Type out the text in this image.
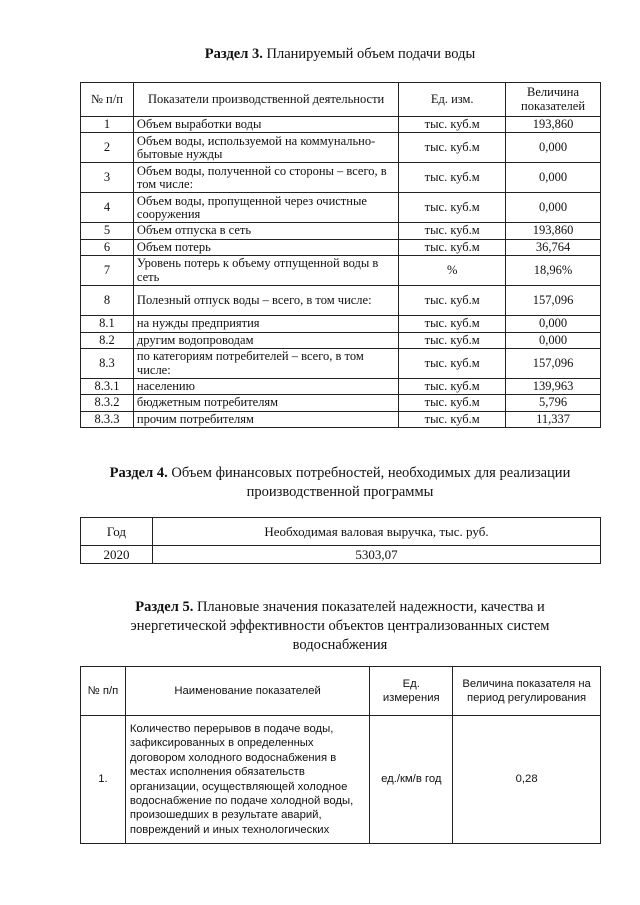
Раздел 3. Планируемый объем подачи воды
№ п/п	Показатели производственной деятельности	Ед. изм.	Величина показателей
1	Объем выработки воды	тыс. куб.м	193,860
2	Объем воды, используемой на коммунально-бытовые нужды	тыс. куб.м	0,000
3	Объем воды, полученной со стороны – всего, в том числе:	тыс. куб.м	0,000
4	Объем воды, пропущенной через очистные сооружения	тыс. куб.м	0,000
5	Объем отпуска в сеть	тыс. куб.м	193,860
6	Объем потерь	тыс. куб.м	36,764
7	Уровень потерь к объему отпущенной воды в сеть	%	18,96%
8	Полезный отпуск воды – всего, в том числе:	тыс. куб.м	157,096
8.1	на нужды предприятия	тыс. куб.м	0,000
8.2	другим водопроводам	тыс. куб.м	0,000
8.3	по категориям потребителей – всего, в том числе:	тыс. куб.м	157,096
8.3.1	населению	тыс. куб.м	139,963
8.3.2	бюджетным потребителям	тыс. куб.м	5,796
8.3.3	прочим потребителям	тыс. куб.м	11,337
Раздел 4. Объем финансовых потребностей, необходимых для реализации производственной программы
Год	Необходимая валовая выручка, тыс. руб.
2020	5303,07
Раздел 5. Плановые значения показателей надежности, качества и энергетической эффективности объектов централизованных систем водоснабжения
№ п/п	Наименование показателей	Ед. измерения	Величина показателя на период регулирования
1.	Количество перерывов в подаче воды, зафиксированных в определенных договором холодного водоснабжения в местах исполнения обязательств организации, осуществляющей холодное водоснабжение по подаче холодной воды, произошедших в результате аварий, повреждений и иных технологических	ед./км/в год	0,28
